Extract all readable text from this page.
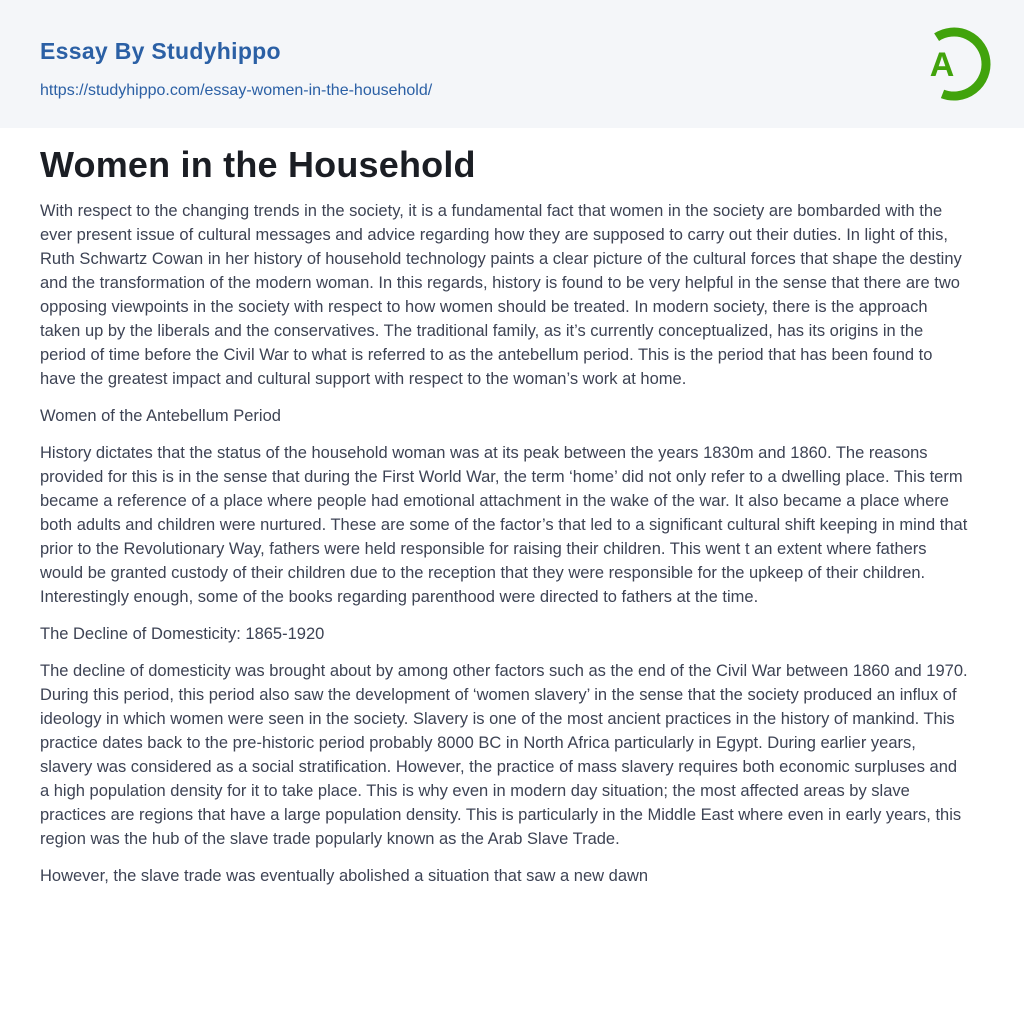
Essay By Studyhippo
https://studyhippo.com/essay-women-in-the-household/
A
Women in the Household

With respect to the changing trends in the society, it is a fundamental fact that women in the society are bombarded with the ever present issue of cultural messages and advice regarding how they are supposed to carry out their duties. In light of this, Ruth Schwartz Cowan in her history of household technology paints a clear picture of the cultural forces that shape the destiny and the transformation of the modern woman. In this regards, history is found to be very helpful in the sense that there are two opposing viewpoints in the society with respect to how women should be treated. In modern society, there is the approach taken up by the liberals and the conservatives. The traditional family, as it’s currently conceptualized, has its origins in the period of time before the Civil War to what is referred to as the antebellum period. This is the period that has been found to have the greatest impact and cultural support with respect to the woman’s work at home.

Women of the Antebellum Period

History dictates that the status of the household woman was at its peak between the years 1830m and 1860. The reasons provided for this is in the sense that during the First World War, the term ‘home’ did not only refer to a dwelling place. This term became a reference of a place where people had emotional attachment in the wake of the war. It also became a place where both adults and children were nurtured. These are some of the factor’s that led to a significant cultural shift keeping in mind that prior to the Revolutionary Way, fathers were held responsible for raising their children. This went t an extent where fathers would be granted custody of their children due to the reception that they were responsible for the upkeep of their children. Interestingly enough, some of the books regarding parenthood were directed to fathers at the time.

The Decline of Domesticity: 1865-1920

The decline of domesticity was brought about by among other factors such as the end of the Civil War between 1860 and 1970. During this period, this period also saw the development of ‘women slavery’ in the sense that the society produced an influx of ideology in which women were seen in the society. Slavery is one of the most ancient practices in the history of mankind. This practice dates back to the pre-historic period probably 8000 BC in North Africa particularly in Egypt. During earlier years, slavery was considered as a social stratification. However, the practice of mass slavery requires both economic surpluses and a high population density for it to take place. This is why even in modern day situation; the most affected areas by slave practices are regions that have a large population density. This is particularly in the Middle East where even in early years, this region was the hub of the slave trade popularly known as the Arab Slave Trade.

However, the slave trade was eventually abolished a situation that saw a new dawn
